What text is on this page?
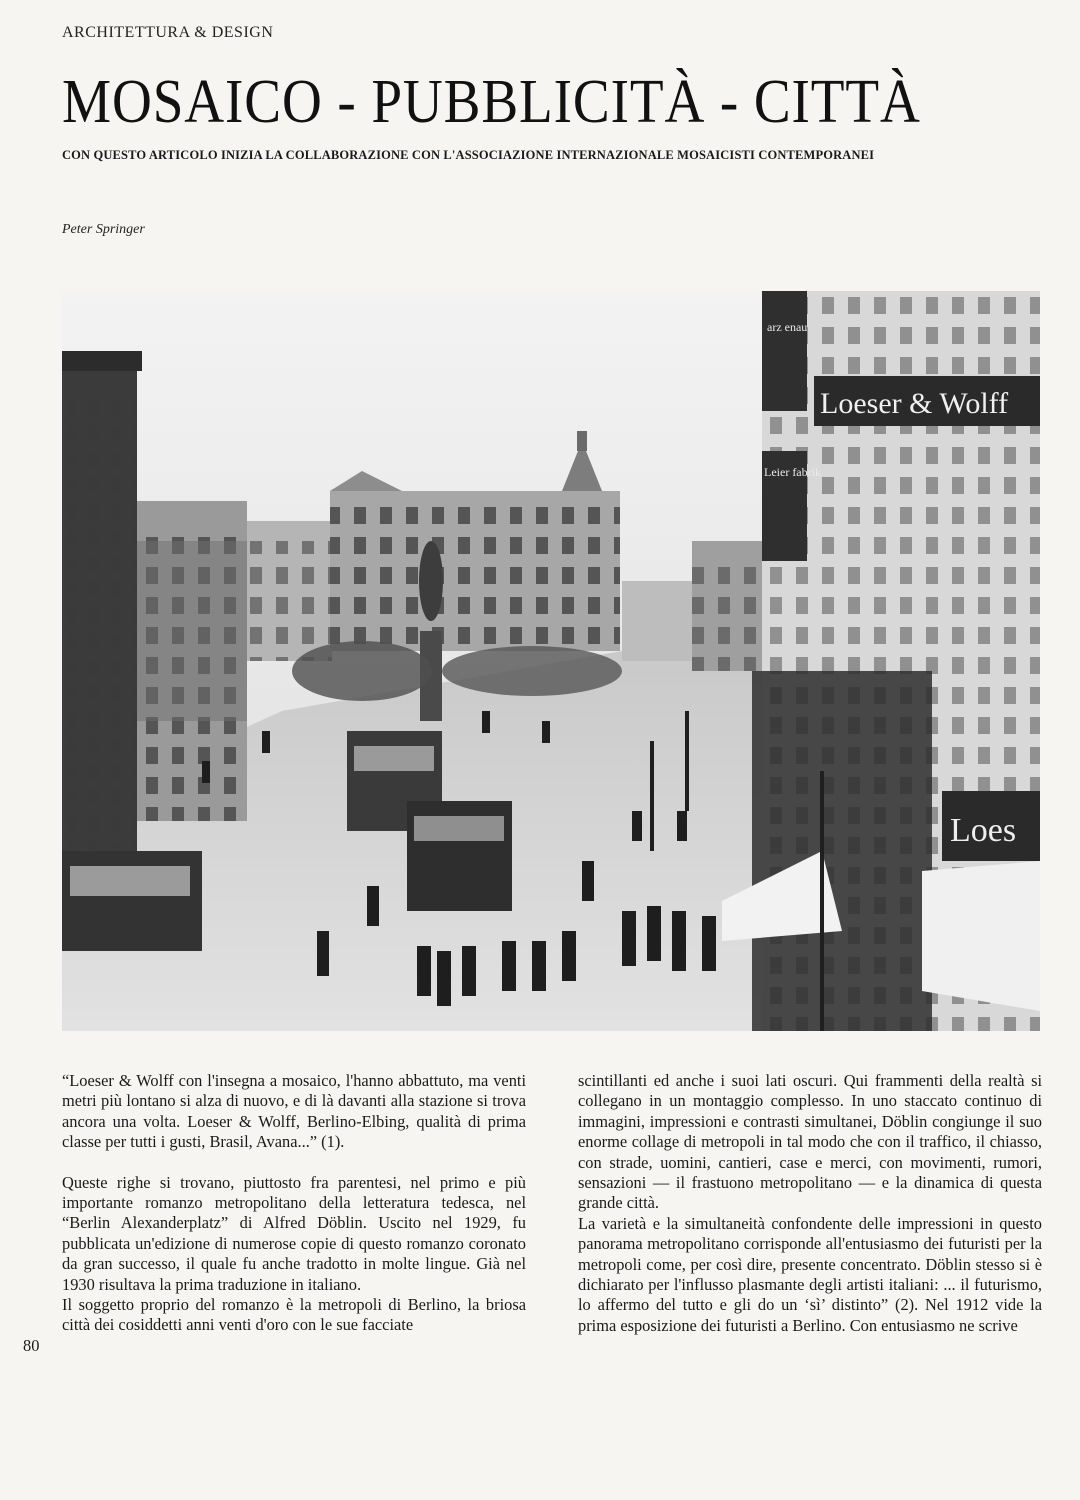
ARCHITETTURA & DESIGN
MOSAICO - PUBBLICITÀ - CITTÀ
CON QUESTO ARTICOLO INIZIA LA COLLABORAZIONE CON L'ASSOCIAZIONE INTERNAZIONALE MOSAICISTI CONTEMPORANEI
Peter Springer
arz enau
Loeser & Wolff
Leier fabrik
Loes

“Loeser & Wolff con l'insegna a mosaico, l'hanno abbattuto, ma venti metri più lontano si alza di nuovo, e di là davanti alla stazione si trova ancora una volta. Loeser & Wolff, Berlino-Elbing, qualità di prima classe per tutti i gusti, Brasil, Avana...” (1).

Queste righe si trovano, piuttosto fra parentesi, nel primo e più importante romanzo metropolitano della letteratura tedesca, nel “Berlin Alexanderplatz” di Alfred Döblin. Uscito nel 1929, fu pubblicata un'edizione di numerose copie di questo romanzo coronato da gran successo, il quale fu anche tradotto in molte lingue. Già nel 1930 risultava la prima traduzione in italiano.

Il soggetto proprio del romanzo è la metropoli di Berlino, la briosa città dei cosiddetti anni venti d'oro con le sue facciate

scintillanti ed anche i suoi lati oscuri. Qui frammenti della realtà si collegano in un montaggio complesso. In uno staccato continuo di immagini, impressioni e contrasti simultanei, Döblin congiunge il suo enorme collage di metropoli in tal modo che con il traffico, il chiasso, con strade, uomini, cantieri, case e merci, con movimenti, rumori, sensazioni — il frastuono metropolitano — e la dinamica di questa grande città.

La varietà e la simultaneità confondente delle impressioni in questo panorama metropolitano corrisponde all'entusiasmo dei futuristi per la metropoli come, per così dire, presente concentrato. Döblin stesso si è dichiarato per l'influsso plasmante degli artisti italiani: ... il futurismo, lo affermo del tutto e gli do un ‘sì’ distinto” (2). Nel 1912 vide la prima esposizione dei futuristi a Berlino. Con entusiasmo ne scrive

80
